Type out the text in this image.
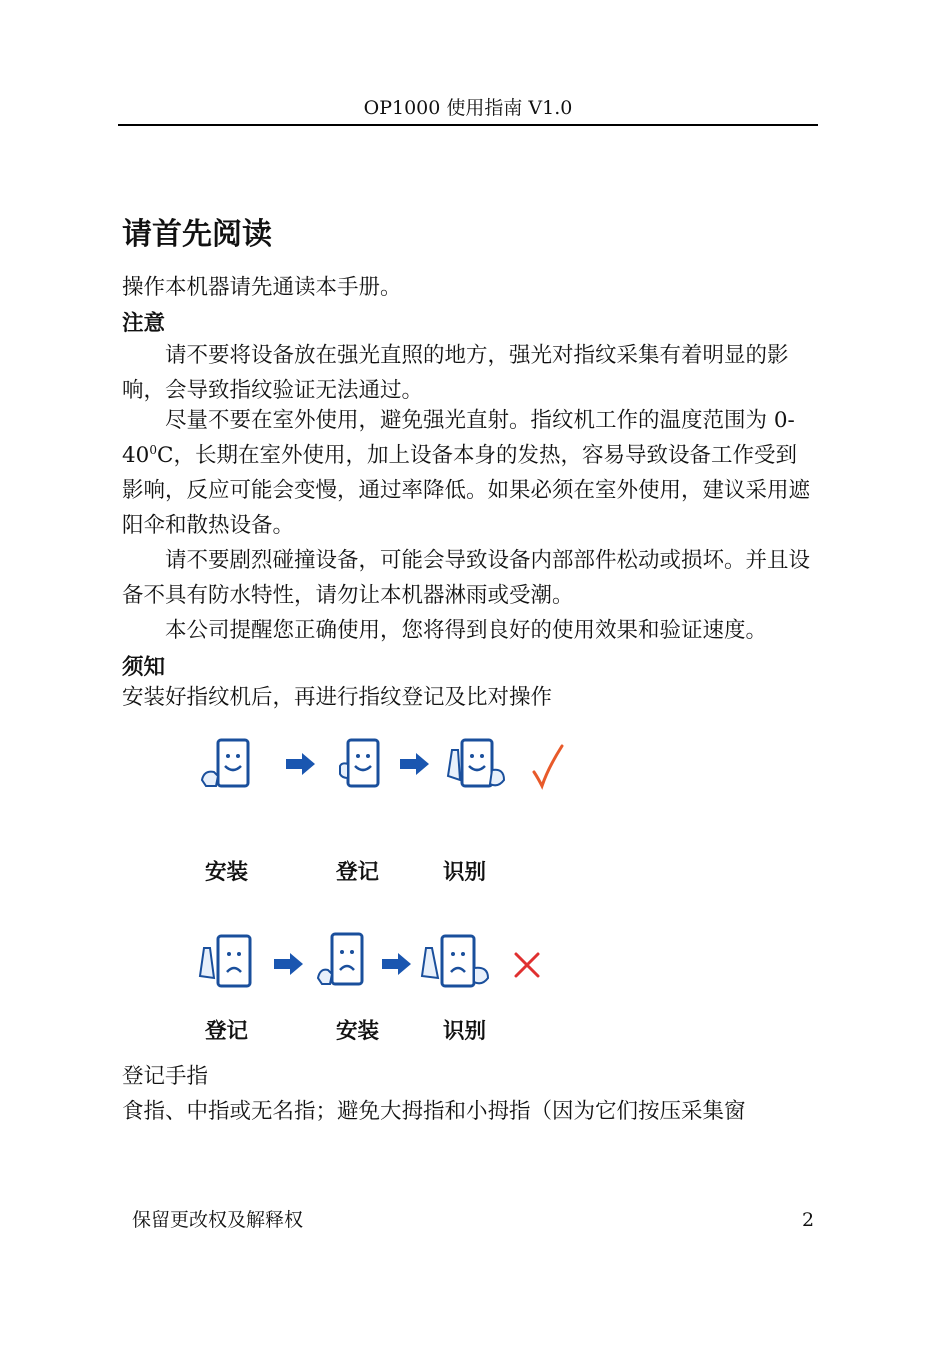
OP1000 使用指南 V1.0
请首先阅读

操作本机器请先通读本手册。

注意

请不要将设备放在强光直照的地方，强光对指纹采集有着明显的影响，会导致指纹验证无法通过。

尽量不要在室外使用，避免强光直射。指纹机工作的温度范围为 $0-40^0C$，长期在室外使用，加上设备本身的发热，容易导致设备工作受到影响，反应可能会变慢，通过率降低。如果必须在室外使用，建议采用遮阳伞和散热设备。

请不要剧烈碰撞设备，可能会导致设备内部部件松动或损坏。并且设备不具有防水特性，请勿让本机器淋雨或受潮。

本公司提醒您正确使用，您将得到良好的使用效果和验证速度。

须知

安装好指纹机后，再进行指纹登记及比对操作

安装	登记	识别
登记	安装	识别

登记手指

食指、中指或无名指；避免大拇指和小拇指（因为它们按压采集窗

保留更改权及解释权	2
